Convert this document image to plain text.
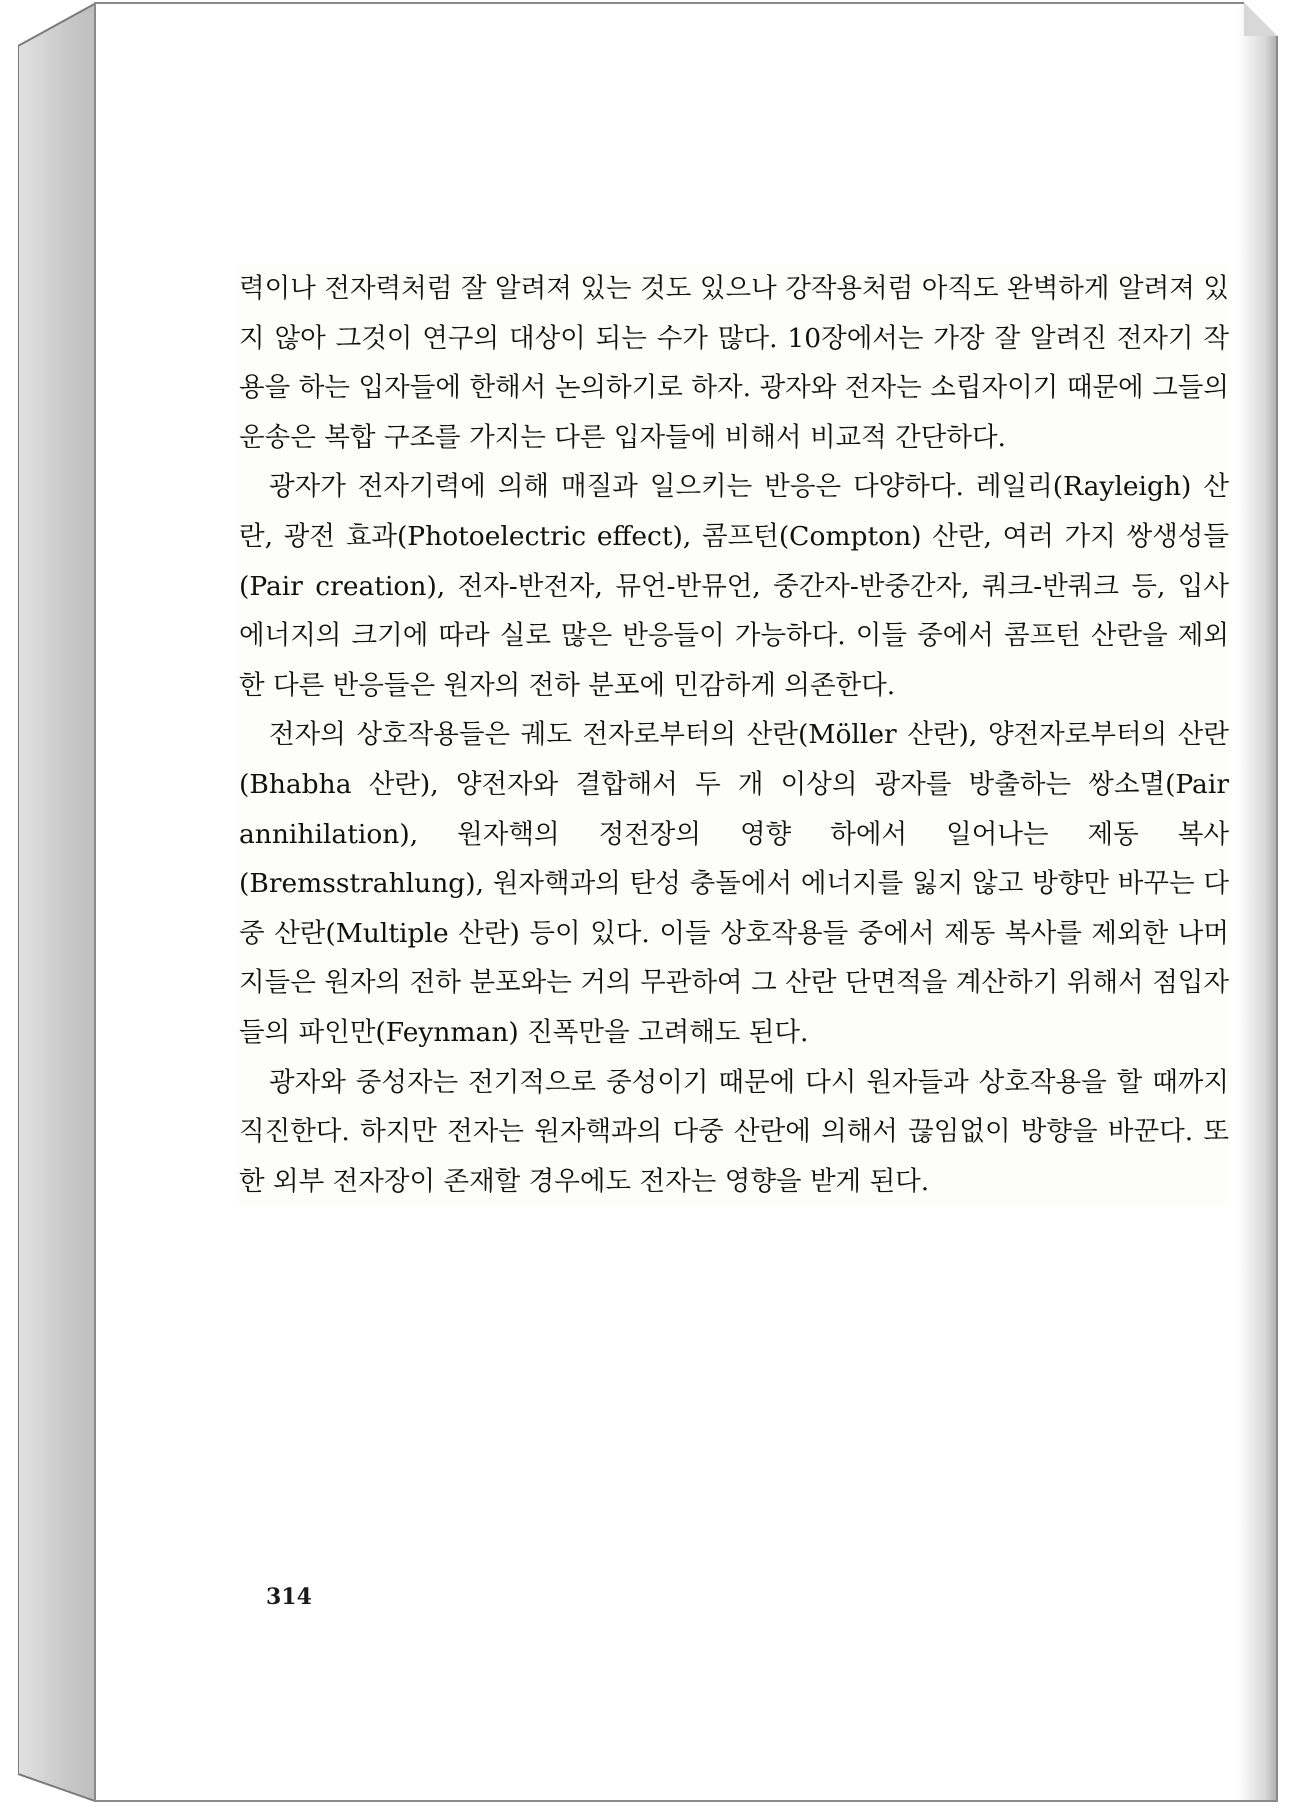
력이나 전자력처럼 잘 알려져 있는 것도 있으나 강작용처럼 아직도 완벽하게 알려져 있지 않아 그것이 연구의 대상이 되는 수가 많다. 10장에서는 가장 잘 알려진 전자기 작용을 하는 입자들에 한해서 논의하기로 하자. 광자와 전자는 소립자이기 때문에 그들의 운송은 복합 구조를 가지는 다른 입자들에 비해서 비교적 간단하다.

광자가 전자기력에 의해 매질과 일으키는 반응은 다양하다. 레일리(Rayleigh) 산란, 광전 효과(Photoelectric effect), 콤프턴(Compton) 산란, 여러 가지 쌍생성들(Pair creation), 전자-반전자, 뮤언-반뮤언, 중간자-반중간자, 쿼크-반쿼크 등, 입사 에너지의 크기에 따라 실로 많은 반응들이 가능하다. 이들 중에서 콤프턴 산란을 제외한 다른 반응들은 원자의 전하 분포에 민감하게 의존한다.

전자의 상호작용들은 궤도 전자로부터의 산란(Möller 산란), 양전자로부터의 산란(Bhabha 산란), 양전자와 결합해서 두 개 이상의 광자를 방출하는 쌍소멸(Pair annihilation), 원자핵의 정전장의 영향 하에서 일어나는 제동 복사(Bremsstrahlung), 원자핵과의 탄성 충돌에서 에너지를 잃지 않고 방향만 바꾸는 다중 산란(Multiple 산란) 등이 있다. 이들 상호작용들 중에서 제동 복사를 제외한 나머지들은 원자의 전하 분포와는 거의 무관하여 그 산란 단면적을 계산하기 위해서 점입자들의 파인만(Feynman) 진폭만을 고려해도 된다.

광자와 중성자는 전기적으로 중성이기 때문에 다시 원자들과 상호작용을 할 때까지 직진한다. 하지만 전자는 원자핵과의 다중 산란에 의해서 끊임없이 방향을 바꾼다. 또한 외부 전자장이 존재할 경우에도 전자는 영향을 받게 된다.

314
